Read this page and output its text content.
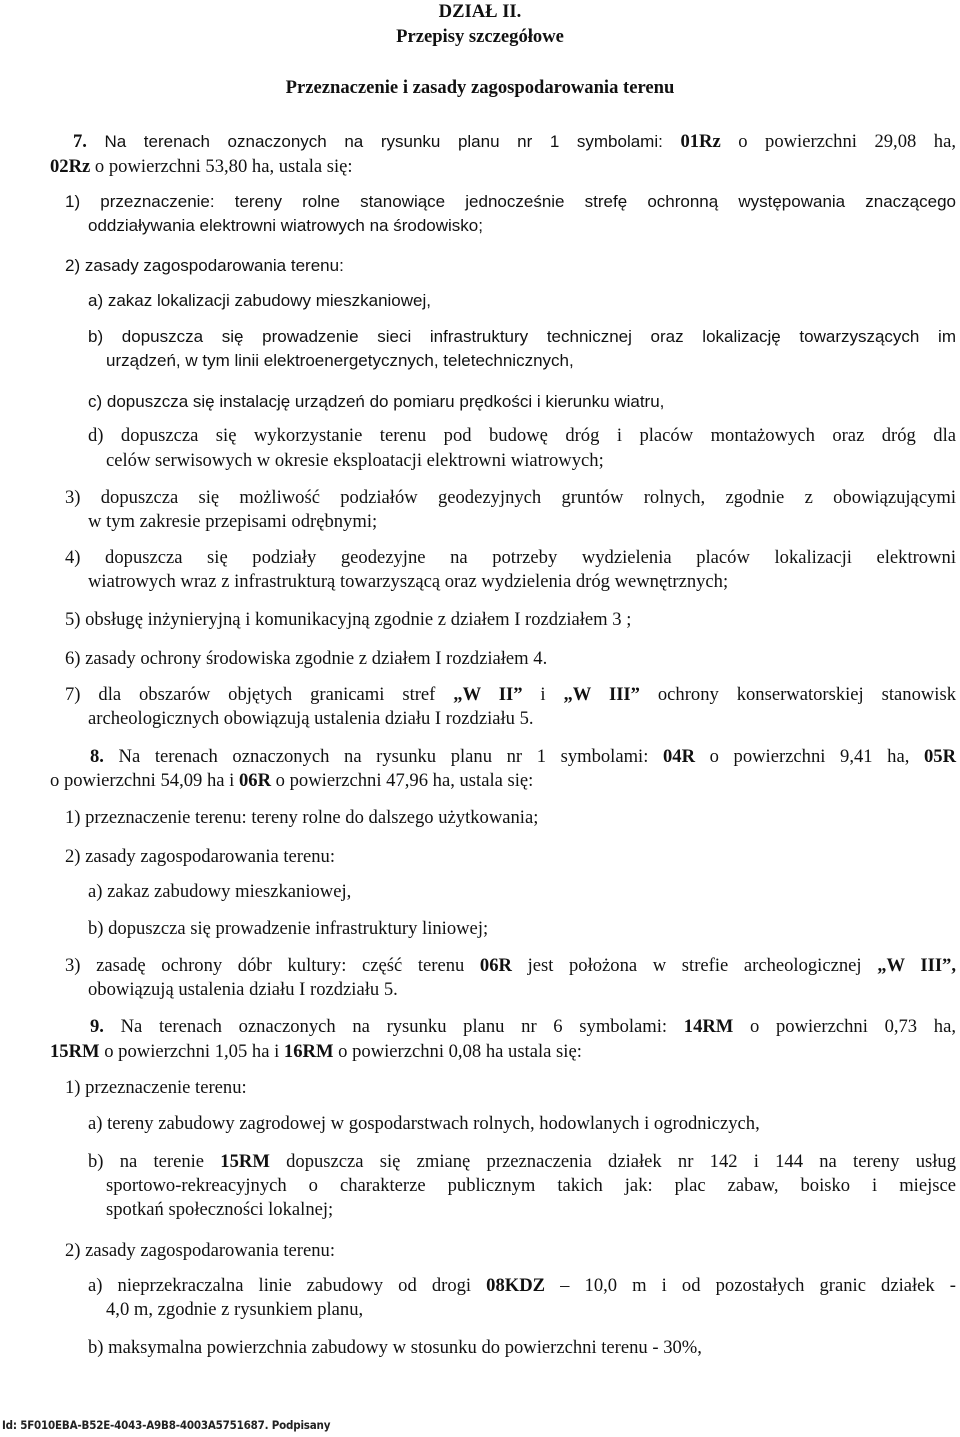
DZIAŁ II.
Przepisy szczegółowe
Przeznaczenie i zasady zagospodarowania terenu
7. Na terenach oznaczonych na rysunku planu nr 1 symbolami: 01Rz o powierzchni 29,08 ha,
02Rz o powierzchni 53,80 ha, ustala się:
1) przeznaczenie: tereny rolne stanowiące jednocześnie strefę ochronną występowania znaczącego
oddziaływania elektrowni wiatrowych na środowisko;
2) zasady zagospodarowania terenu:
a) zakaz lokalizacji zabudowy mieszkaniowej,
b) dopuszcza się prowadzenie sieci infrastruktury technicznej oraz lokalizację towarzyszących im
urządzeń, w tym linii elektroenergetycznych, teletechnicznych,
c) dopuszcza się instalację urządzeń do pomiaru prędkości i kierunku wiatru,
d) dopuszcza się wykorzystanie terenu pod budowę dróg i placów montażowych oraz dróg dla
celów serwisowych w okresie eksploatacji elektrowni wiatrowych;
3) dopuszcza się możliwość podziałów geodezyjnych gruntów rolnych, zgodnie z obowiązującymi
w tym zakresie przepisami odrębnymi;
4) dopuszcza się podziały geodezyjne na potrzeby wydzielenia placów lokalizacji elektrowni
wiatrowych wraz z infrastrukturą towarzyszącą oraz wydzielenia dróg wewnętrznych;
5) obsługę inżynieryjną i komunikacyjną zgodnie z działem I rozdziałem 3 ;
6) zasady ochrony środowiska zgodnie z działem I rozdziałem 4.
7) dla obszarów objętych granicami stref „W II” i „W III” ochrony konserwatorskiej stanowisk
archeologicznych obowiązują ustalenia działu I rozdziału 5.
8. Na terenach oznaczonych na rysunku planu nr 1 symbolami: 04R o powierzchni 9,41 ha, 05R
o powierzchni 54,09 ha i 06R o powierzchni 47,96 ha, ustala się:
1) przeznaczenie terenu: tereny rolne do dalszego użytkowania;
2) zasady zagospodarowania terenu:
a) zakaz zabudowy mieszkaniowej,
b) dopuszcza się prowadzenie infrastruktury liniowej;
3) zasadę ochrony dóbr kultury: część terenu 06R jest położona w strefie archeologicznej „W III”,
obowiązują ustalenia działu I rozdziału 5.
9. Na terenach oznaczonych na rysunku planu nr 6 symbolami: 14RM o powierzchni 0,73 ha,
15RM o powierzchni 1,05 ha i 16RM o powierzchni 0,08 ha ustala się:
1) przeznaczenie terenu:
a) tereny zabudowy zagrodowej w gospodarstwach rolnych, hodowlanych i ogrodniczych,
b) na terenie 15RM dopuszcza się zmianę przeznaczenia działek nr 142 i 144 na tereny usług
sportowo-rekreacyjnych o charakterze publicznym takich jak: plac zabaw, boisko i miejsce
spotkań społeczności lokalnej;
2) zasady zagospodarowania terenu:
a) nieprzekraczalna linie zabudowy od drogi 08KDZ – 10,0 m i od pozostałych granic działek -
4,0 m, zgodnie z rysunkiem planu,
b) maksymalna powierzchnia zabudowy w stosunku do powierzchni terenu - 30%,
Id: 5F010EBA-B52E-4043-A9B8-4003A5751687. Podpisany
